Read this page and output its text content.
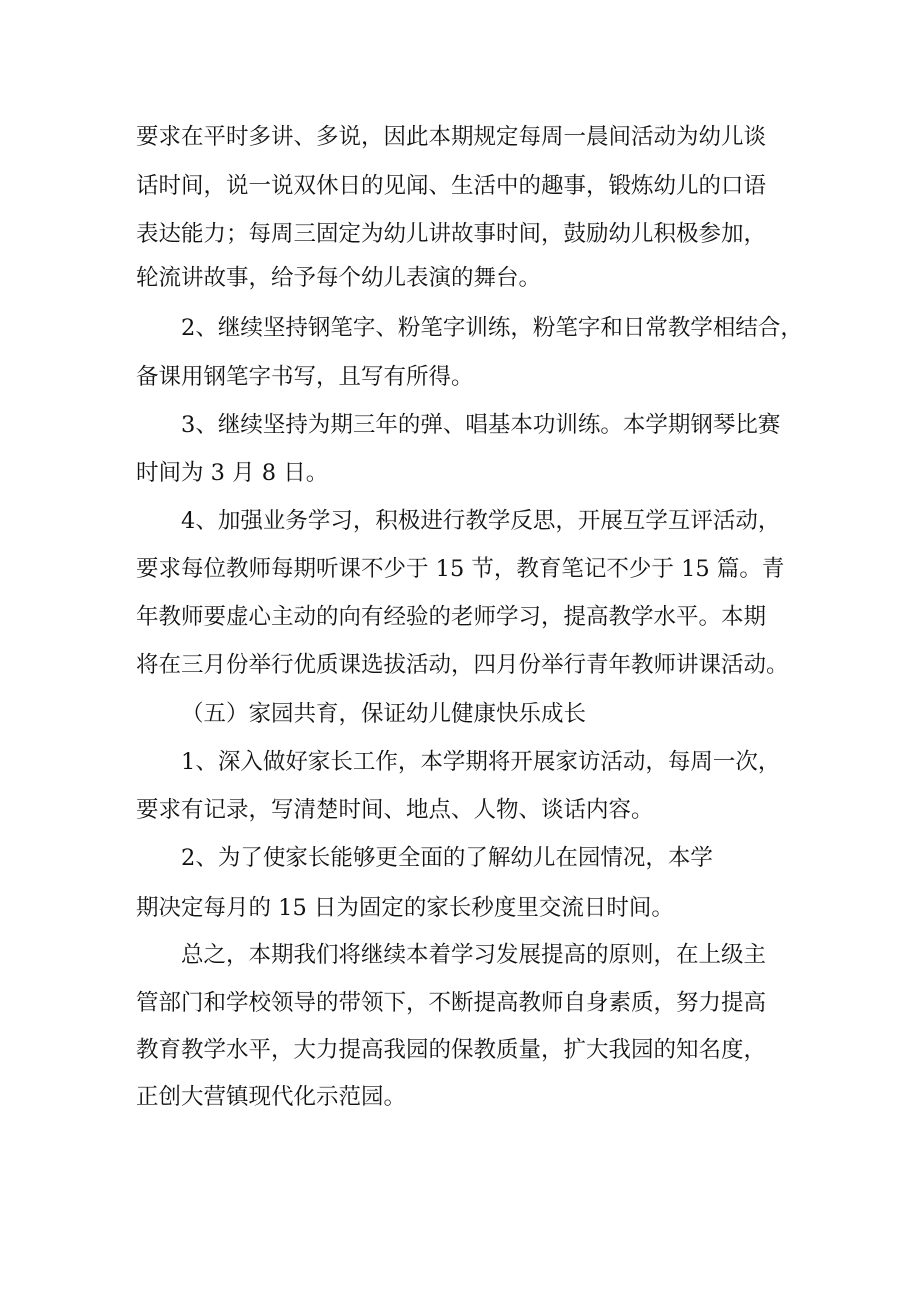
要求在平时多讲、多说，因此本期规定每周一晨间活动为幼儿谈

话时间，说一说双休日的见闻、生活中的趣事，锻炼幼儿的口语

表达能力；每周三固定为幼儿讲故事时间，鼓励幼儿积极参加，

轮流讲故事，给予每个幼儿表演的舞台。

2、继续坚持钢笔字、粉笔字训练，粉笔字和日常教学相结合，

备课用钢笔字书写，且写有所得。

3、继续坚持为期三年的弹、唱基本功训练。本学期钢琴比赛

时间为 3 月 8 日。

4、加强业务学习，积极进行教学反思，开展互学互评活动，

要求每位教师每期听课不少于 15 节，教育笔记不少于 15 篇。青

年教师要虚心主动的向有经验的老师学习，提高教学水平。本期

将在三月份举行优质课选拔活动，四月份举行青年教师讲课活动。

（五）家园共育，保证幼儿健康快乐成长

1、深入做好家长工作，本学期将开展家访活动，每周一次，

要求有记录，写清楚时间、地点、人物、谈话内容。

2、为了使家长能够更全面的了解幼儿在园情况，本学

期决定每月的 15 日为固定的家长秒度里交流日时间。

总之，本期我们将继续本着学习发展提高的原则，在上级主

管部门和学校领导的带领下，不断提高教师自身素质，努力提高

教育教学水平，大力提高我园的保教质量，扩大我园的知名度，

正创大营镇现代化示范园。
